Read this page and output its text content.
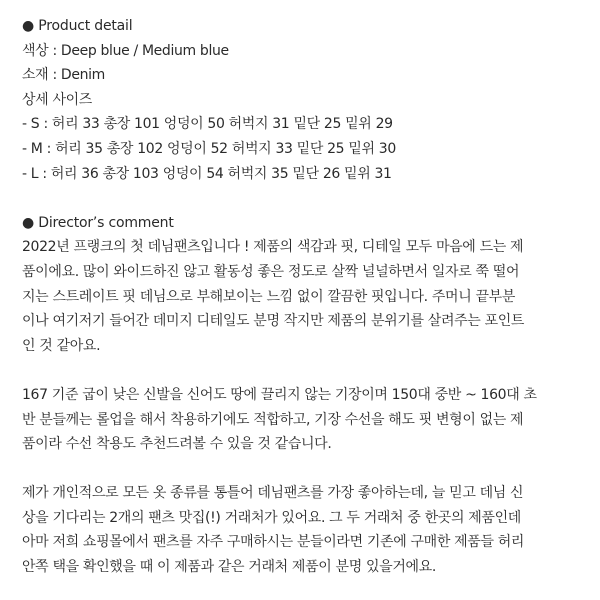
● Product detail
색상 : Deep blue / Medium blue
소재 : Denim
상세 사이즈
- S : 허리 33 총장 101 엉덩이 50 허벅지 31 밑단 25 밑위 29
- M : 허리 35 총장 102 엉덩이 52 허벅지 33 밑단 25 밑위 30
- L : 허리 36 총장 103 엉덩이 54 허벅지 35 밑단 26 밑위 31
● Director’s comment
2022년 프랭크의 첫 데님팬츠입니다 ! 제품의 색감과 핏, 디테일 모두 마음에 드는 제
품이에요. 많이 와이드하진 않고 활동성 좋은 정도로 살짝 널널하면서 일자로 쭉 떨어
지는 스트레이트 핏 데님으로 부해보이는 느낌 없이 깔끔한 핏입니다. 주머니 끝부분
이나 여기저기 들어간 데미지 디테일도 분명 작지만 제품의 분위기를 살려주는 포인트
인 것 같아요.
167 기준 굽이 낮은 신발을 신어도 땅에 끌리지 않는 기장이며 150대 중반 ~ 160대 초
반 분들께는 롤업을 해서 착용하기에도 적합하고, 기장 수선을 해도 핏 변형이 없는 제
품이라 수선 착용도 추천드려볼 수 있을 것 같습니다.
제가 개인적으로 모든 옷 종류를 통틀어 데님팬츠를 가장 좋아하는데, 늘 믿고 데님 신
상을 기다리는 2개의 팬츠 맛집(!) 거래처가 있어요. 그 두 거래처 중 한곳의 제품인데
아마 저희 쇼핑몰에서 팬츠를 자주 구매하시는 분들이라면 기존에 구매한 제품들 허리
안쪽 택을 확인했을 때 이 제품과 같은 거래처 제품이 분명 있을거에요.
